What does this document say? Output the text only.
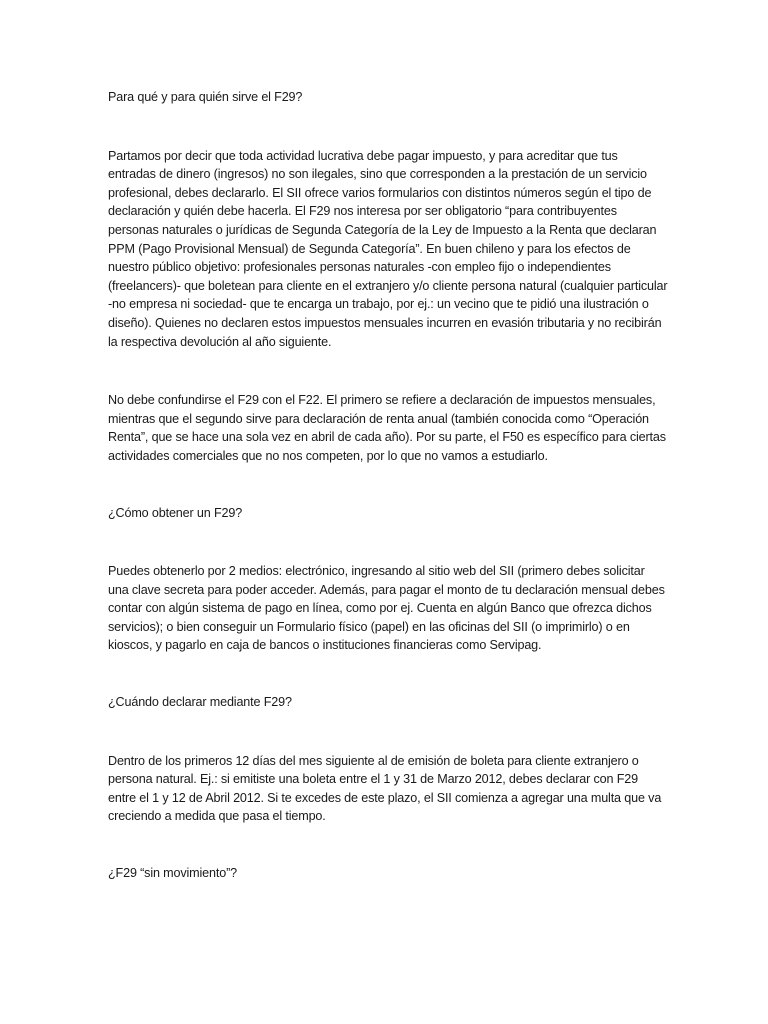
Para qué y para quién sirve el F29?

Partamos por decir que toda actividad lucrativa debe pagar impuesto, y para acreditar que tus entradas de dinero (ingresos) no son ilegales, sino que corresponden a la prestación de un servicio profesional, debes declararlo. El SII ofrece varios formularios con distintos números según el tipo de declaración y quién debe hacerla. El F29 nos interesa por ser obligatorio “para contribuyentes personas naturales o jurídicas de Segunda Categoría de la Ley de Impuesto a la Renta que declaran PPM (Pago Provisional Mensual) de Segunda Categoría”. En buen chileno y para los efectos de nuestro público objetivo: profesionales personas naturales -con empleo fijo o independientes (freelancers)- que boletean para cliente en el extranjero y/o cliente persona natural (cualquier particular -no empresa ni sociedad- que te encarga un trabajo, por ej.: un vecino que te pidió una ilustración o diseño). Quienes no declaren estos impuestos mensuales incurren en evasión tributaria y no recibirán la respectiva devolución al año siguiente.

No debe confundirse el F29 con el F22. El primero se refiere a declaración de impuestos mensuales, mientras que el segundo sirve para declaración de renta anual (también conocida como “Operación Renta”, que se hace una sola vez en abril de cada año). Por su parte, el F50 es específico para ciertas actividades comerciales que no nos competen, por lo que no vamos a estudiarlo.

¿Cómo obtener un F29?

Puedes obtenerlo por 2 medios: electrónico, ingresando al sitio web del SII (primero debes solicitar una clave secreta para poder acceder. Además, para pagar el monto de tu declaración mensual debes contar con algún sistema de pago en línea, como por ej. Cuenta en algún Banco que ofrezca dichos servicios); o bien conseguir un Formulario físico (papel) en las oficinas del SII (o imprimirlo) o en kioscos, y pagarlo en caja de bancos o instituciones financieras como Servipag.

¿Cuándo declarar mediante F29?

Dentro de los primeros 12 días del mes siguiente al de emisión de boleta para cliente extranjero o persona natural. Ej.: si emitiste una boleta entre el 1 y 31 de Marzo 2012, debes declarar con F29 entre el 1 y 12 de Abril 2012. Si te excedes de este plazo, el SII comienza a agregar una multa que va creciendo a medida que pasa el tiempo.

¿F29 “sin movimiento”?
